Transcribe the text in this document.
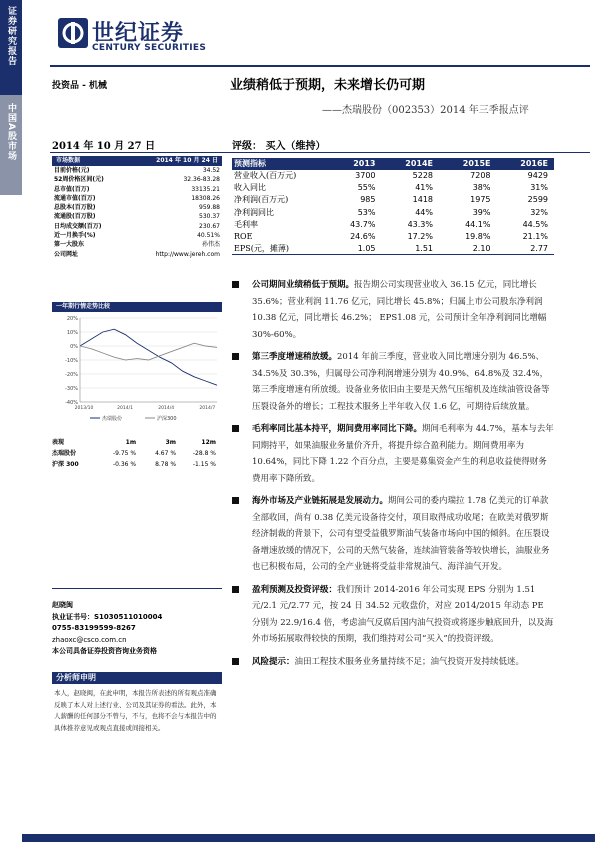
证券研究报告
中国A股市场
世纪证券
CENTURY SECURITIES
投资品 - 机械	业绩稍低于预期，未来增长仍可期
——杰瑞股份（002353）2014 年三季报点评
2014 年 10 月 27 日	评级： 买入（维持）
市场数据	2014 年 10 月 24 日
目前价格(元)	34.52
52周价格区间(元)	32.36-83.28
总市值(百万)	33135.21
流通市值(百万)	18308.26
总股本(百万股)	959.88
流通股(百万股)	530.37
日均成交额(百万)	230.67
近一月换手(%)	40.51%
第一大股东	孙伟杰
公司网址	http://www.jereh.com
一年期行情走势比较
20%
10%
0%
-10%
-20%
-30%
-40%
2013/10	2014/1	2014/4	2014/7
杰瑞股份	沪深300
表现	1m	3m	12m
杰瑞股份	-9.75 %	4.67 %	-28.8 %
沪深 300	-0.36 %	8.78 %	-1.15 %
赵晓闽
执业证书号：S1030511010004
0755-83199599-8267
zhaoxc@csco.com.cn
本公司具备证券投资咨询业务资格
分析师申明
本人，赵晓闽，在此申明，本报告所表述的所有观点准确反映了本人对上述行业、公司及其证券的看法。此外，本人薪酬的任何部分不曾与，不与，也将不会与本报告中的具体推荐意见或观点直接或间接相关。
预测指标	2013	2014E	2015E	2016E
营业收入(百万元)	3700	5228	7208	9429
收入同比	55%	41%	38%	31%
净利润(百万元)	985	1418	1975	2599
净利润同比	53%	44%	39%	32%
毛利率	43.7%	43.3%	44.1%	44.5%
ROE	24.6%	17.2%	19.8%	21.1%
EPS(元，摊薄)	1.05	1.51	2.10	2.77
公司期间业绩稍低于预期。报告期公司实现营业收入 36.15 亿元，同比增长 35.6%；营业利润 11.76 亿元，同比增长 45.8%；归属上市公司股东净利润 10.38 亿元，同比增长 46.2%； EPS1.08 元，公司预计全年净利润同比增幅 30%-60%。
第三季度增速稍放缓。2014 年前三季度，营业收入同比增速分别为 46.5%、34.5%及 30.3%，归属母公司净利润增速分别为 40.9%、64.8%及 32.4%，第三季度增速有所放缓。设备业务依旧由主要是天然气压缩机及连续油管设备等压裂设备外的增长；工程技术服务上半年收入仅 1.6 亿，可期待后续放量。
毛利率同比基本持平，期间费用率同比下降。期间毛利率为 44.7%，基本与去年同期持平，如果油服业务量价齐升，将提升综合盈利能力。期间费用率为 10.64%，同比下降 1.22 个百分点，主要是募集资金产生的利息收益使得财务费用率下降所致。
海外市场及产业链拓展是发展动力。期间公司的委内瑞拉 1.78 亿美元的订单款全部收回，尚有 0.38 亿美元设备待交付，项目取得成功收尾；在欧美对俄罗斯经济制裁的背景下，公司有望受益俄罗斯油气装备市场向中国的倾斜。在压裂设备增速放缓的情况下，公司的天然气装备，连续油管装备等较快增长，油服业务也已积极布局，公司的全产业链将受益非常规油气、海洋油气开发。
盈利预测及投资评级：我们预计 2014-2016 年公司实现 EPS 分别为 1.51 元/2.1 元/2.77 元，按 24 日 34.52 元收盘价，对应 2014/2015 年动态 PE 分别为 22.9/16.4 倍，考虑油气反腐后国内油气投资或将逐步触底回升，以及海外市场拓展取得较快的预期，我们维持对公司“买入”的投资评级。
风险提示：油田工程技术服务业务量持续不足；油气投资开发持续低迷。
